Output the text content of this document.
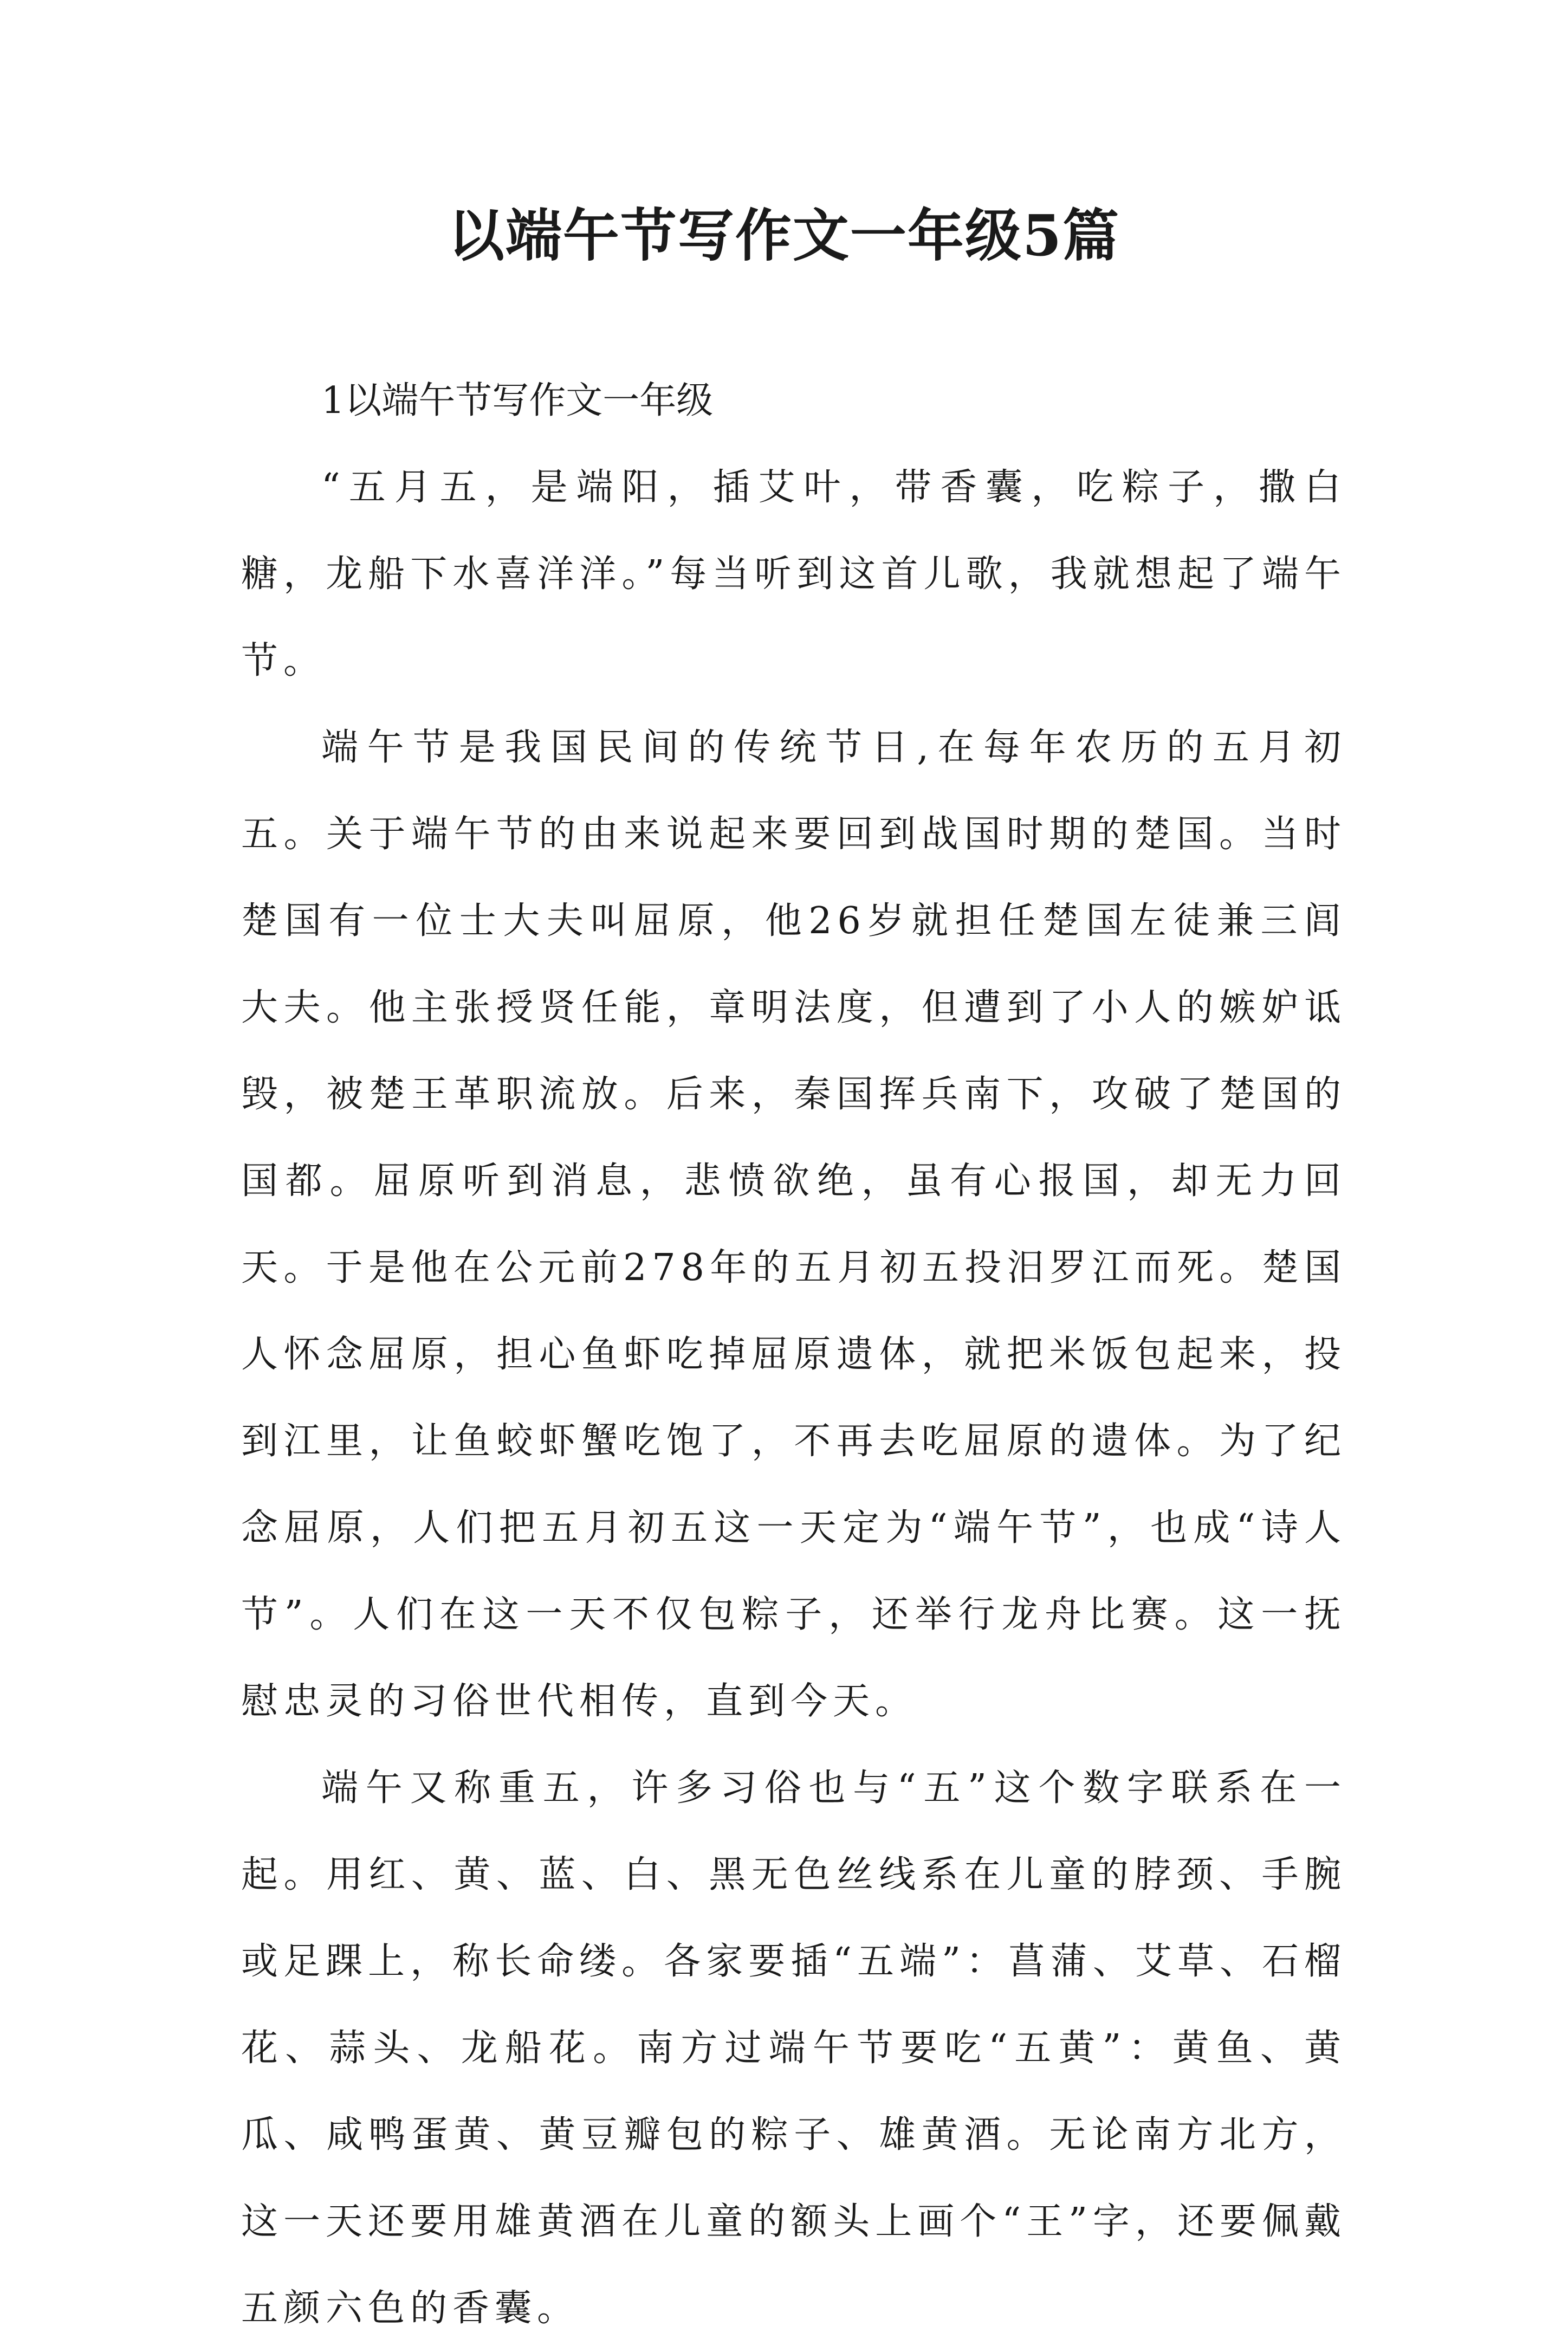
以端午节写作文一年级5篇

1以端午节写作文一年级

“五月五，是端阳，插艾叶，带香囊，吃粽子，撒白糖，龙船下水喜洋洋。”每当听到这首儿歌，我就想起了端午节。

端午节是我国民间的传统节日,在每年农历的五月初五。关于端午节的由来说起来要回到战国时期的楚国。当时楚国有一位士大夫叫屈原，他26岁就担任楚国左徒兼三闾大夫。他主张授贤任能，章明法度，但遭到了小人的嫉妒诋毁，被楚王革职流放。后来，秦国挥兵南下，攻破了楚国的国都。屈原听到消息，悲愤欲绝，虽有心报国，却无力回天。于是他在公元前278年的五月初五投汨罗江而死。楚国人怀念屈原，担心鱼虾吃掉屈原遗体，就把米饭包起来，投到江里，让鱼蛟虾蟹吃饱了，不再去吃屈原的遗体。为了纪念屈原，人们把五月初五这一天定为“端午节”，也成“诗人节”。人们在这一天不仅包粽子，还举行龙舟比赛。这一抚慰忠灵的习俗世代相传，直到今天。

端午又称重五，许多习俗也与“五”这个数字联系在一起。用红、黄、蓝、白、黑无色丝线系在儿童的脖颈、手腕或足踝上，称长命缕。各家要插“五端”：菖蒲、艾草、石榴花、蒜头、龙船花。南方过端午节要吃“五黄”：黄鱼、黄瓜、咸鸭蛋黄、黄豆瓣包的粽子、雄黄酒。无论南方北方，这一天还要用雄黄酒在儿童的额头上画个“王”字，还要佩戴五颜六色的香囊。
